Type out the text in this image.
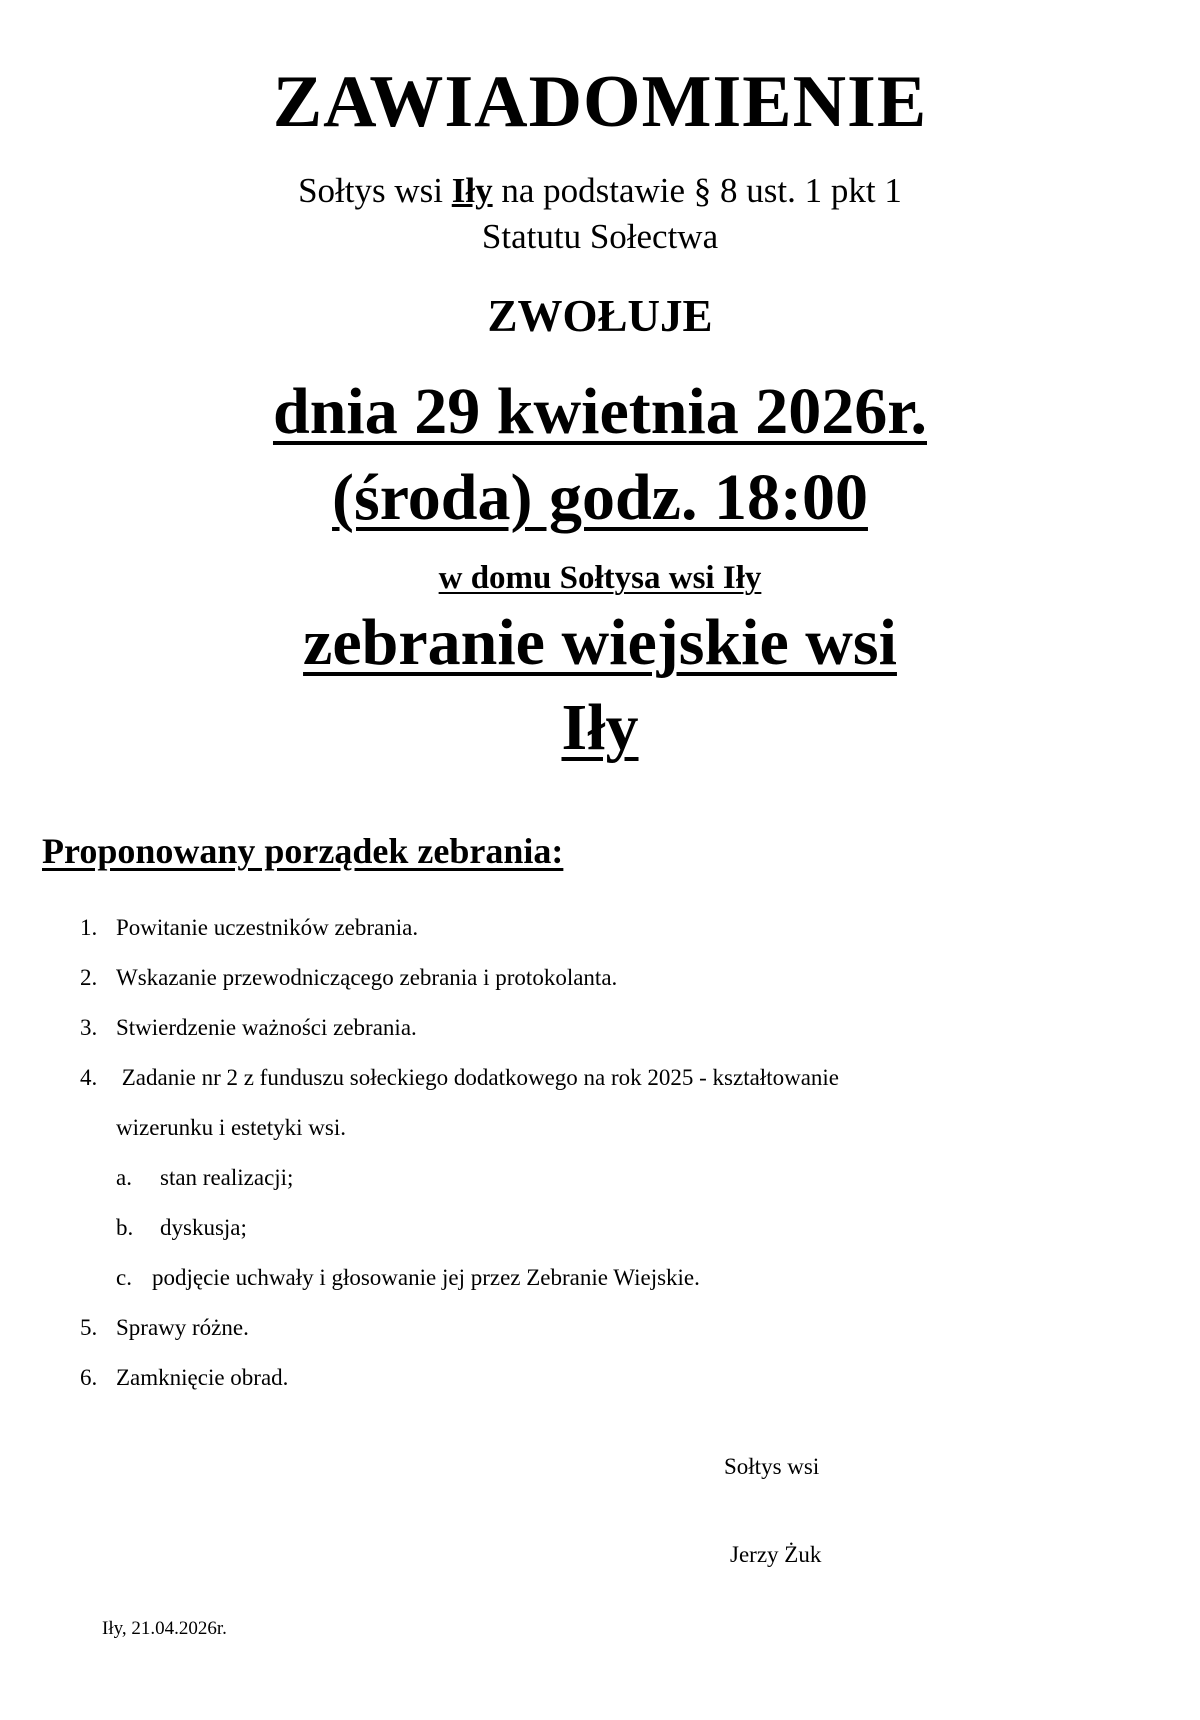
ZAWIADOMIENIE
Sołtys wsi Iły na podstawie § 8 ust. 1 pkt 1
Statutu Sołectwa
ZWOŁUJE
dnia 29 kwietnia 2026r.
(środa) godz. 18:00
w domu Sołtysa wsi Iły
zebranie wiejskie wsi
Iły
Proponowany porządek zebrania:
1. Powitanie uczestników zebrania.
2. Wskazanie przewodniczącego zebrania i protokolanta.
3. Stwierdzenie ważności zebrania.
4. Zadanie nr 2 z funduszu sołeckiego dodatkowego na rok 2025 - kształtowanie
wizerunku i estetyki wsi.
a. stan realizacji;
b. dyskusja;
c. podjęcie uchwały i głosowanie jej przez Zebranie Wiejskie.
5. Sprawy różne.
6. Zamknięcie obrad.
Sołtys wsi
Jerzy Żuk
Iły, 21.04.2026r.
